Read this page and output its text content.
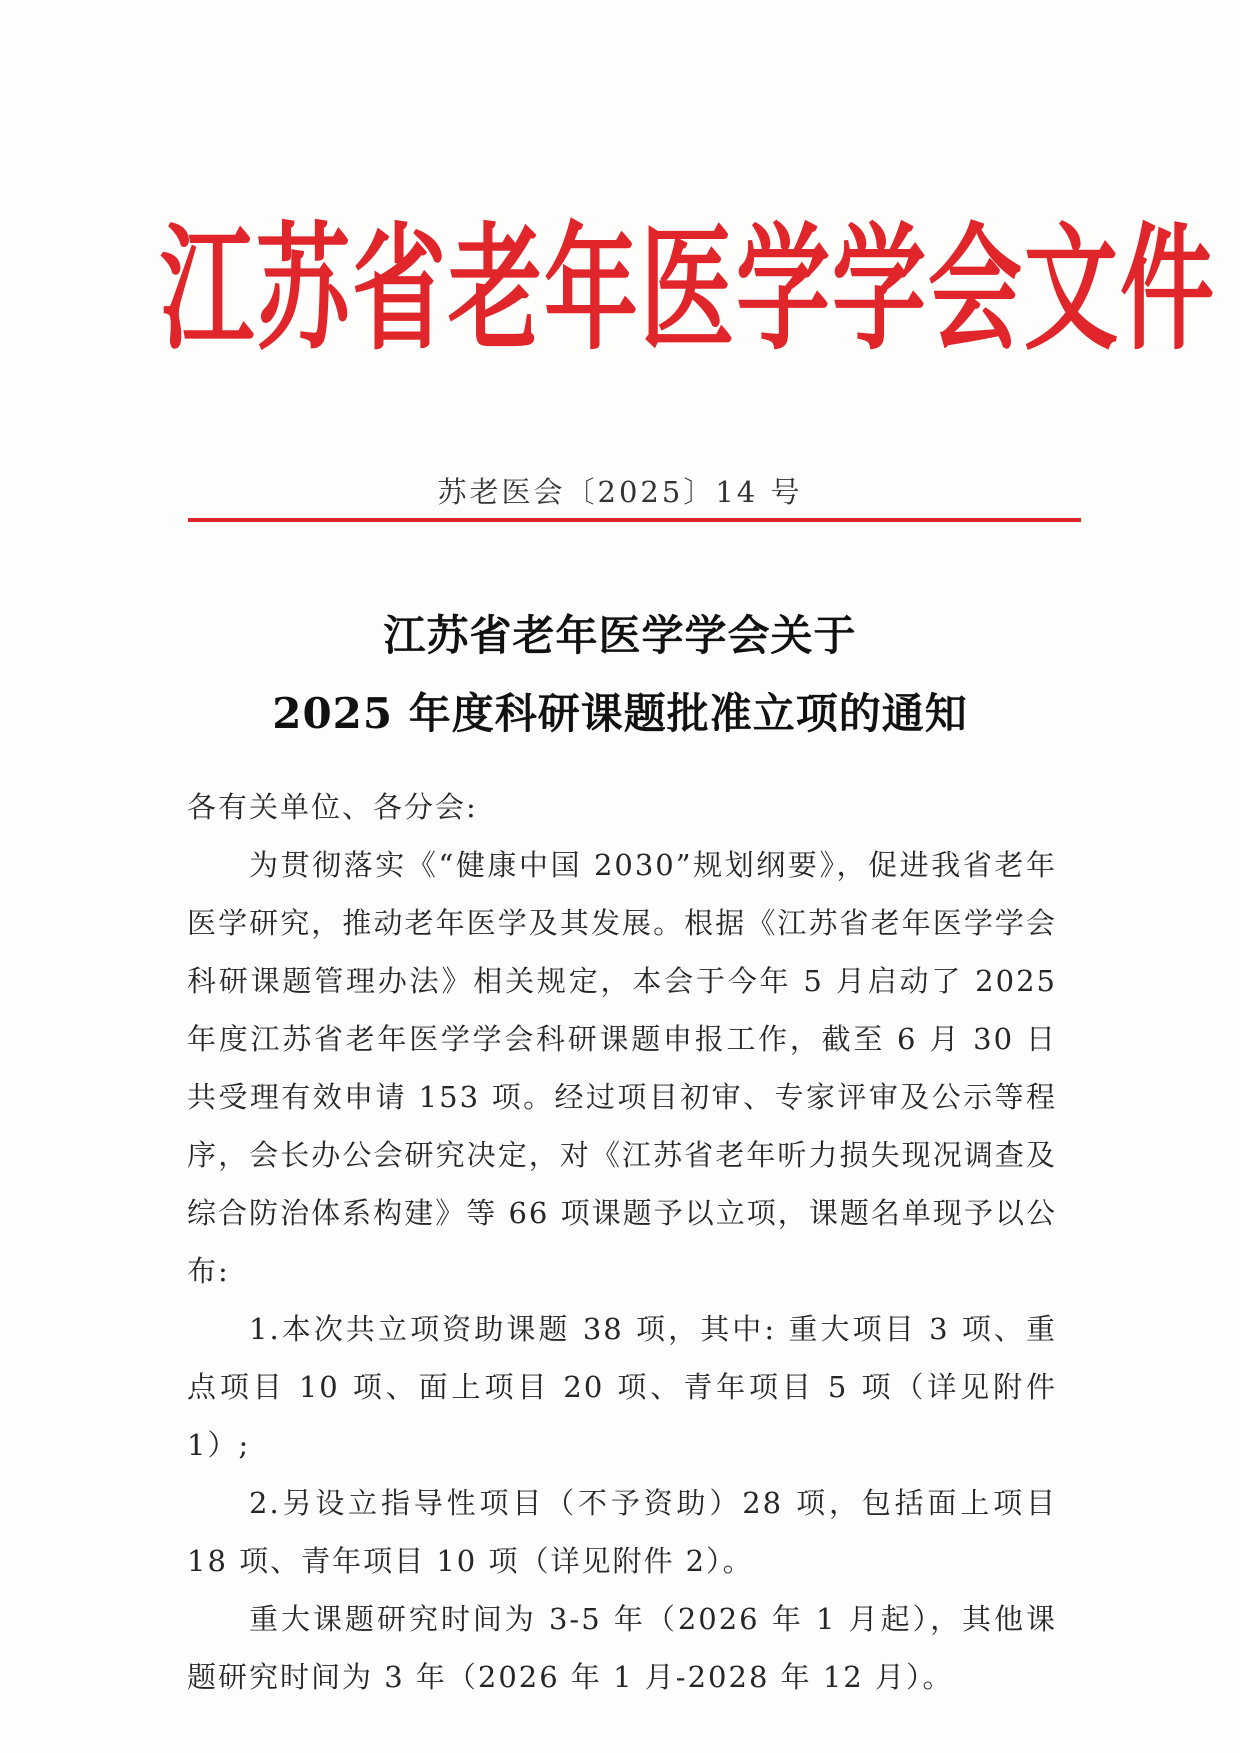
江苏省老年医学学会文件
苏老医会〔2025〕14 号
江苏省老年医学学会关于
2025 年度科研课题批准立项的通知

各有关单位、各分会:

为贯彻落实《“健康中国 2030”规划纲要》，促进我省老年医学研究，推动老年医学及其发展。根据《江苏省老年医学学会科研课题管理办法》相关规定，本会于今年 5 月启动了 2025 年度江苏省老年医学学会科研课题申报工作，截至 6 月 30 日共受理有效申请 153 项。经过项目初审、专家评审及公示等程序，会长办公会研究决定，对《江苏省老年听力损失现况调查及综合防治体系构建》等 66 项课题予以立项，课题名单现予以公布:

1.本次共立项资助课题 38 项，其中: 重大项目 3 项、重点项目 10 项、面上项目 20 项、青年项目 5 项（详见附件 1）;

2.另设立指导性项目（不予资助）28 项，包括面上项目 18 项、青年项目 10 项（详见附件 2）。

重大课题研究时间为 3-5 年（2026 年 1 月起），其他课题研究时间为 3 年（2026 年 1 月-2028 年 12 月）。
